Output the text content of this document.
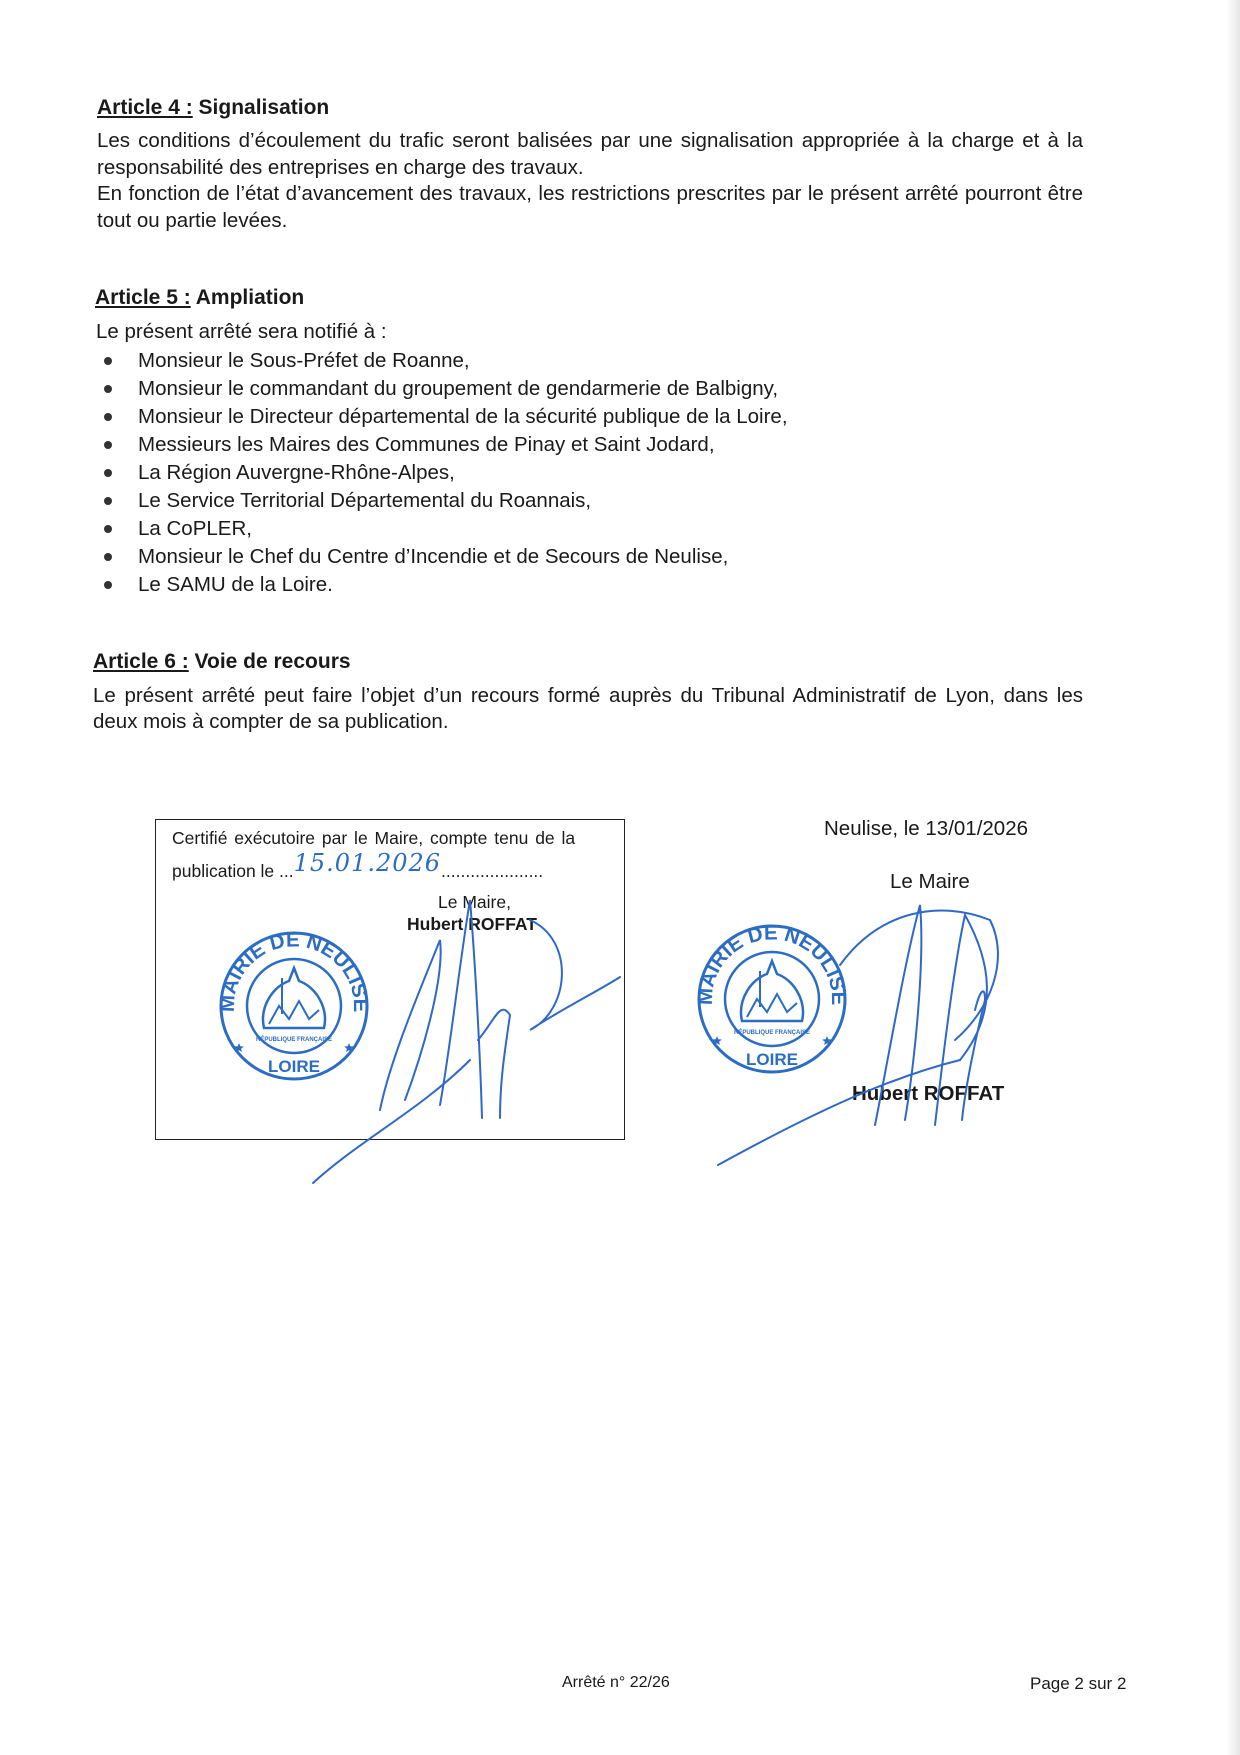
Article 4 : Signalisation
Les conditions d’écoulement du trafic seront balisées par une signalisation appropriée à la charge et à la responsabilité des entreprises en charge des travaux.
En fonction de l’état d’avancement des travaux, les restrictions prescrites par le présent arrêté pourront être tout ou partie levées.
Article 5 : Ampliation
Le présent arrêté sera notifié à :
Monsieur le Sous-Préfet de Roanne,
Monsieur le commandant du groupement de gendarmerie de Balbigny,
Monsieur le Directeur départemental de la sécurité publique de la Loire,
Messieurs les Maires des Communes de Pinay et Saint Jodard,
La Région Auvergne-Rhône-Alpes,
Le Service Territorial Départemental du Roannais,
La CoPLER,
Monsieur le Chef du Centre d’Incendie et de Secours de Neulise,
Le SAMU de la Loire.
Article 6 : Voie de recours
Le présent arrêté peut faire l’objet d’un recours formé auprès du Tribunal Administratif de Lyon, dans les deux mois à compter de sa publication.
Certifié exécutoire par le Maire, compte tenu de la
publication le ...15.01.2026.....................
Le Maire,
Hubert ROFFAT
Neulise, le 13/01/2026
Le Maire
Hubert ROFFAT
Arrêté n° 22/26	Page 2 sur 2
MAIRIE DE NEULISE
LOIRE
RÉPUBLIQUE FRANÇAISE
MAIRIE DE NEULISE
LOIRE
RÉPUBLIQUE FRANÇAISE
